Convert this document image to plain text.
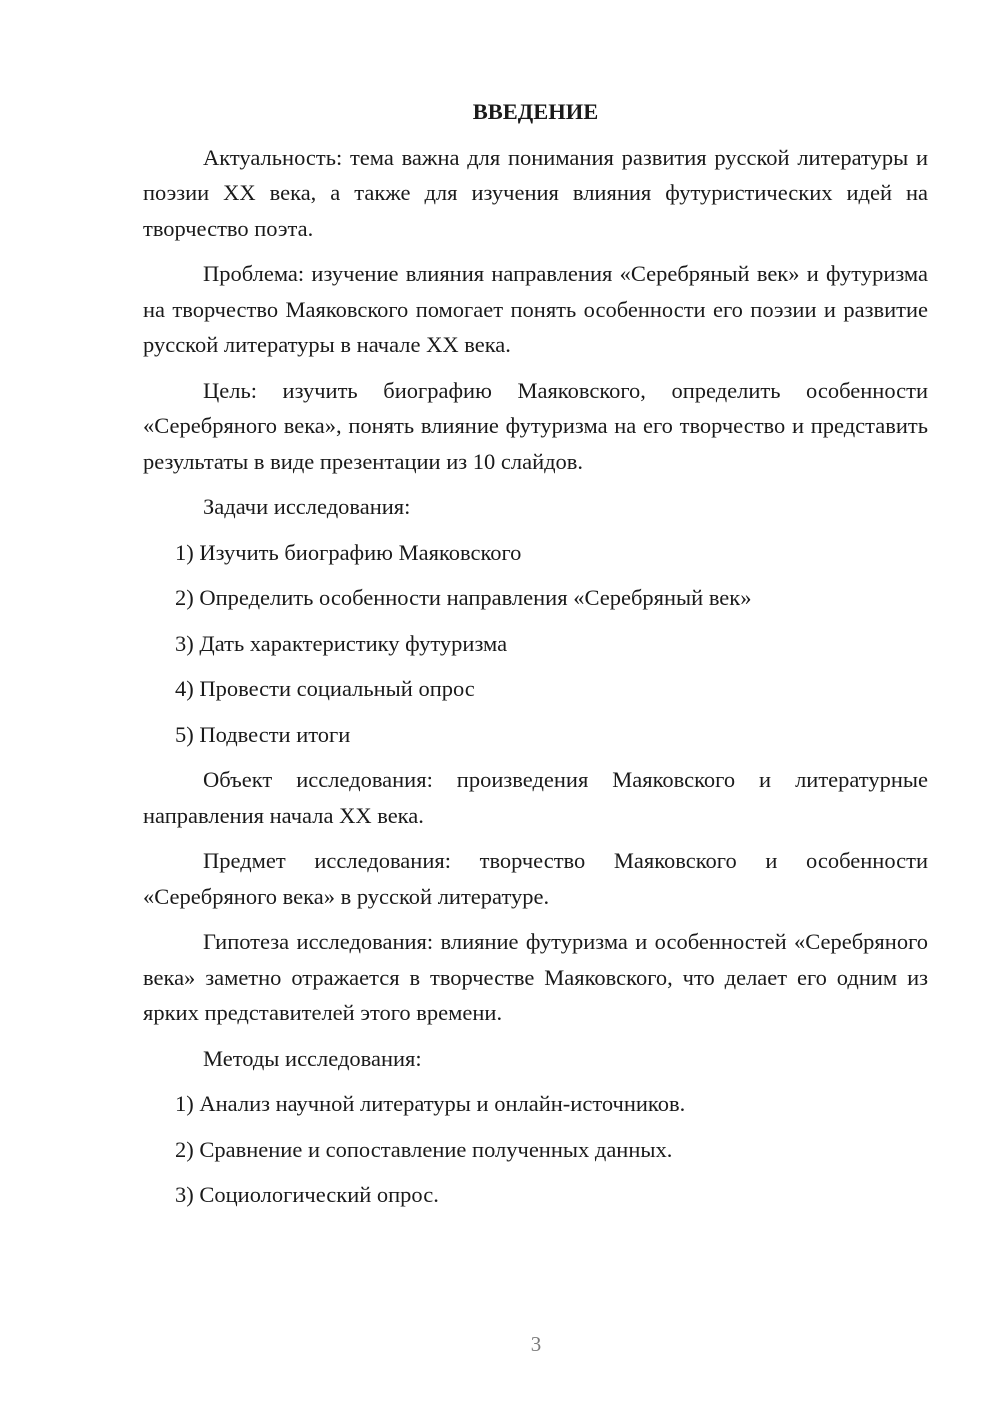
ВВЕДЕНИЕ

Актуальность: тема важна для понимания развития русской литературы и поэзии XX века, а также для изучения влияния футуристических идей на творчество поэта.

Проблема: изучение влияния направления «Серебряный век» и футуризма на творчество Маяковского помогает понять особенности его поэзии и развитие русской литературы в начале XX века.

Цель: изучить биографию Маяковского, определить особенности «Серебряного века», понять влияние футуризма на его творчество и представить результаты в виде презентации из 10 слайдов.

Задачи исследования:

1) Изучить биографию Маяковского
2) Определить особенности направления «Серебряный век»
3) Дать характеристику футуризма
4) Провести социальный опрос
5) Подвести итоги

Объект исследования: произведения Маяковского и литературные направления начала XX века.

Предмет исследования: творчество Маяковского и особенности «Серебряного века» в русской литературе.

Гипотеза исследования: влияние футуризма и особенностей «Серебряного века» заметно отражается в творчестве Маяковского, что делает его одним из ярких представителей этого времени.

Методы исследования:

1) Анализ научной литературы и онлайн-источников.
2) Сравнение и сопоставление полученных данных.
3) Социологический опрос.
3
